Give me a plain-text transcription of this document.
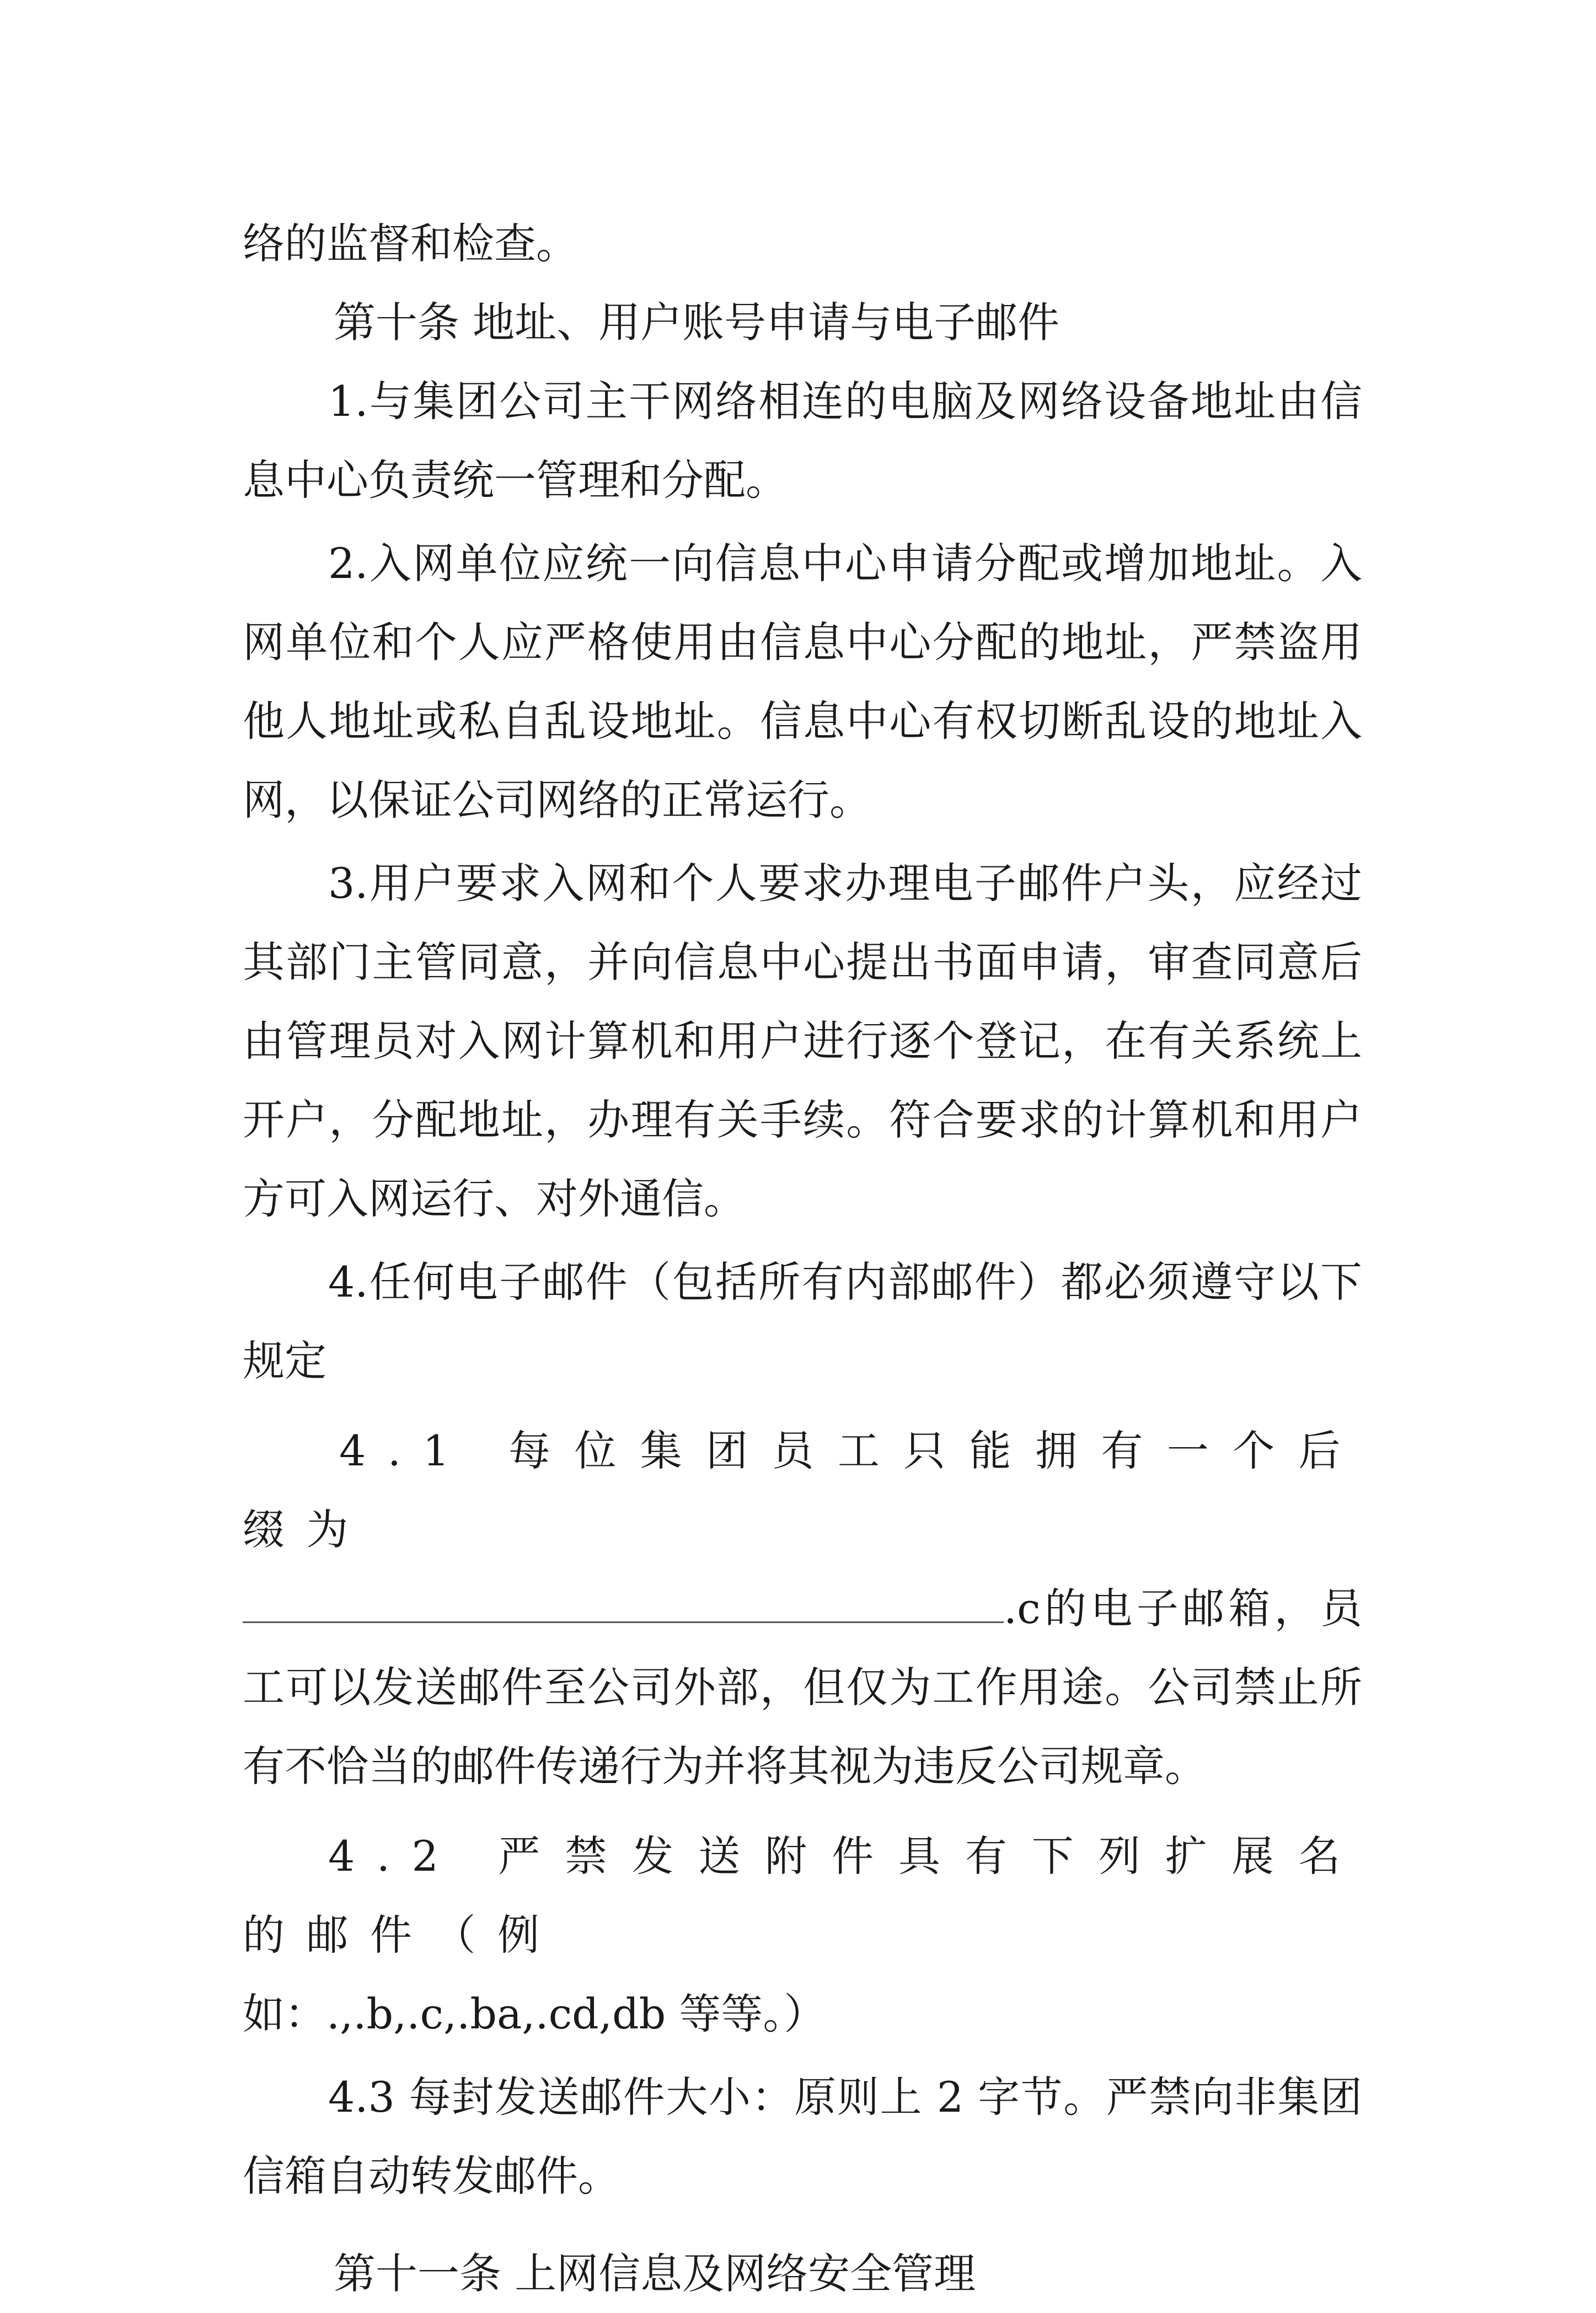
络的监督和检查。

第十条 地址、用户账号申请与电子邮件

1.与集团公司主干网络相连的电脑及网络设备地址由信息中心负责统一管理和分配。

2.入网单位应统一向信息中心申请分配或增加地址。入网单位和个人应严格使用由信息中心分配的地址，严禁盗用他人地址或私自乱设地址。信息中心有权切断乱设的地址入网，以保证公司网络的正常运行。

3.用户要求入网和个人要求办理电子邮件户头，应经过其部门主管同意，并向信息中心提出书面申请，审查同意后由管理员对入网计算机和用户进行逐个登记，在有关系统上开户，分配地址，办理有关手续。符合要求的计算机和用户方可入网运行、对外通信。

4.任何电子邮件（包括所有内部邮件）都必须遵守以下规定

4.1 每位集团员工只能拥有一个后缀为

.c的电子邮箱，员工可以发送邮件至公司外部，但仅为工作用途。公司禁止所有不恰当的邮件传递行为并将其视为违反公司规章。

4.2 严禁发送附件具有下列扩展名的邮件（例

如：.,.b,.c,.ba,.cd,db 等等。）

4.3 每封发送邮件大小：原则上 2 字节。严禁向非集团信箱自动转发邮件。

第十一条 上网信息及网络安全管理
